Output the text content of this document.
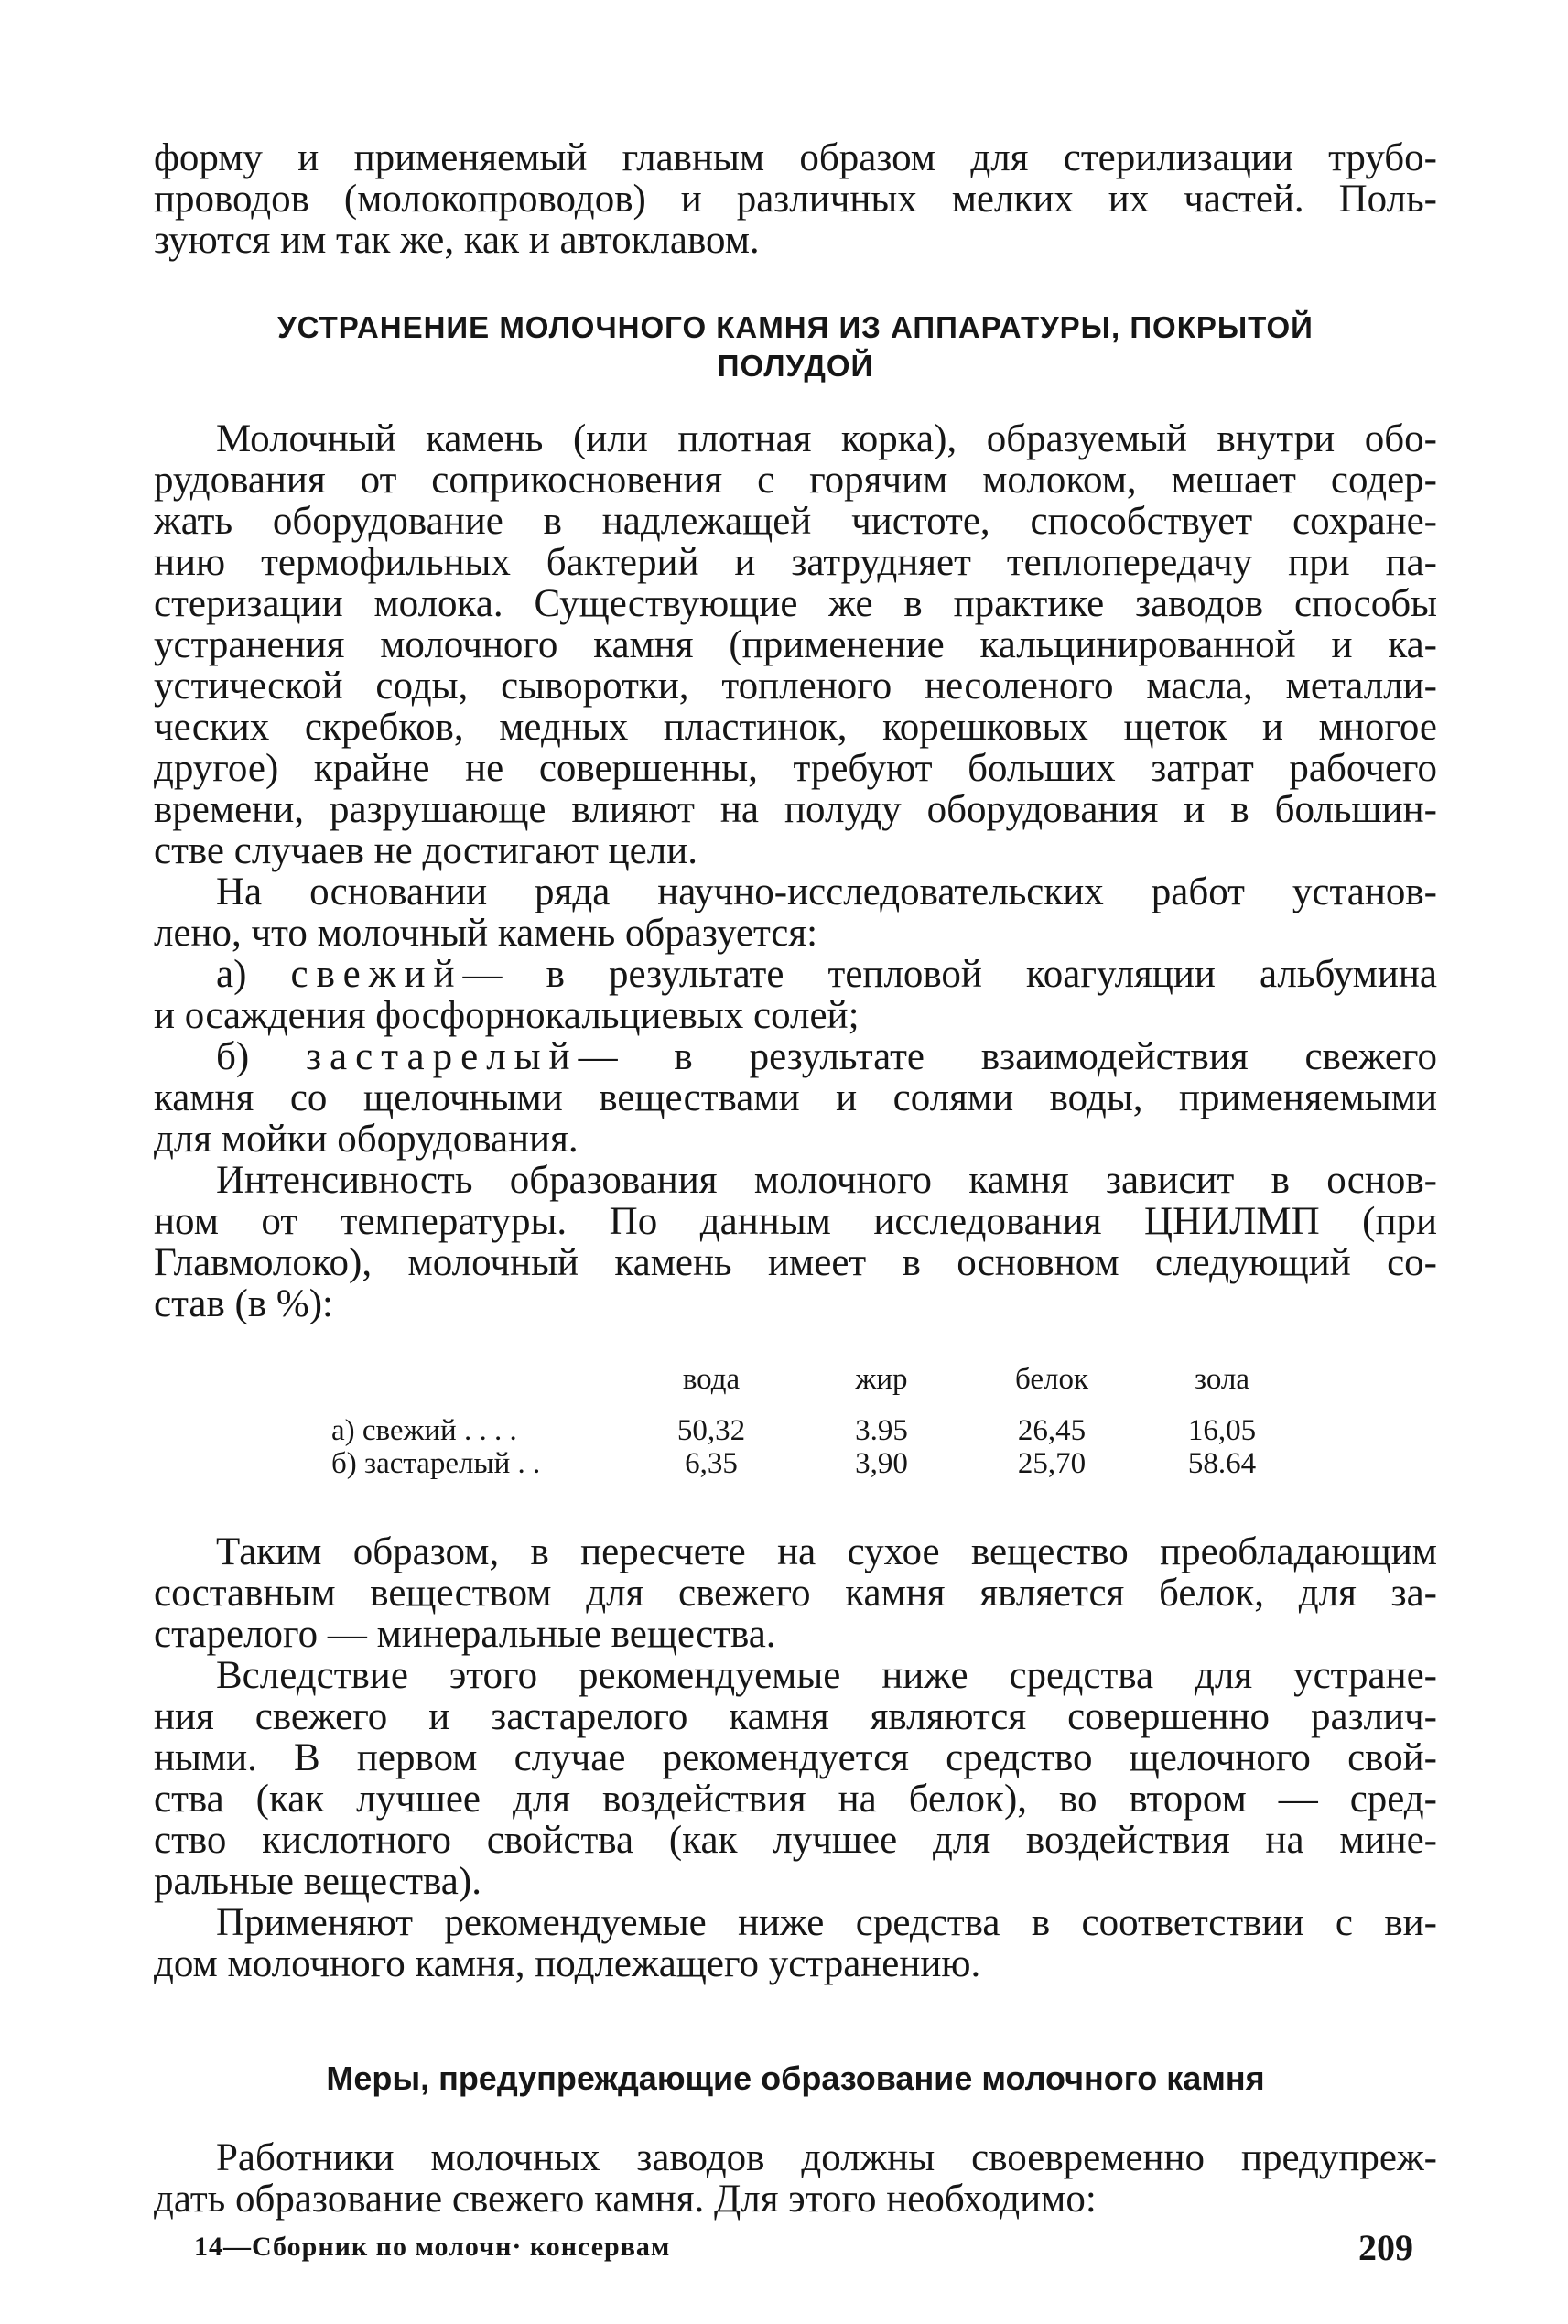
форму и применяемый главным образом для стерилизации трубо-
проводов (молокопроводов) и различных мелких их частей. Поль-
зуются им так же, как и автоклавом.

УСТРАНЕНИЕ МОЛОЧНОГО КАМНЯ ИЗ АППАРАТУРЫ, ПОКРЫТОЙ
ПОЛУДОЙ

Молочный камень (или плотная корка), образуемый внутри обо-
рудования от соприкосновения с горячим молоком, мешает содер-
жать оборудование в надлежащей чистоте, способствует сохране-
нию термофильных бактерий и затрудняет теплопередачу при па-
стеризации молока. Существующие же в практике заводов способы
устранения молочного камня (применение кальцинированной и ка-
устической соды, сыворотки, топленого несоленого масла, металли-
ческих скребков, медных пластинок, корешковых щеток и многое
другое) крайне не совершенны, требуют больших затрат рабочего
времени, разрушающе влияют на полуду оборудования и в большин-
стве случаев не достигают цели.

На основании ряда научно-исследовательских работ установ-
лено, что молочный камень образуется:

а) свежий— в результате тепловой коагуляции альбумина
и осаждения фосфорнокальциевых солей;

б) застарелый— в результате взаимодействия свежего
камня со щелочными веществами и солями воды, применяемыми
для мойки оборудования.

Интенсивность образования молочного камня зависит в основ-
ном от температуры. По данным исследования ЦНИЛМП (при
Главмолоко), молочный камень имеет в основном следующий со-
став (в %):

	вода	жир	белок	зола
а) свежий . . . .	50,32	3.95	26,45	16,05
б) застарелый . .	6,35	3,90	25,70	58.64

Таким образом, в пересчете на сухое вещество преобладающим
составным веществом для свежего камня является белок, для за-
старелого — минеральные вещества.

Вследствие этого рекомендуемые ниже средства для устране-
ния свежего и застарелого камня являются совершенно различ-
ными. В первом случае рекомендуется средство щелочного свой-
ства (как лучшее для воздействия на белок), во втором — сред-
ство кислотного свойства (как лучшее для воздействия на мине-
ральные вещества).

Применяют рекомендуемые ниже средства в соответствии с ви-
дом молочного камня, подлежащего устранению.

Меры, предупреждающие образование молочного камня

Работники молочных заводов должны своевременно предупреж-
дать образование свежего камня. Для этого необходимо:

14—Сборник по молочн· консервам	209
